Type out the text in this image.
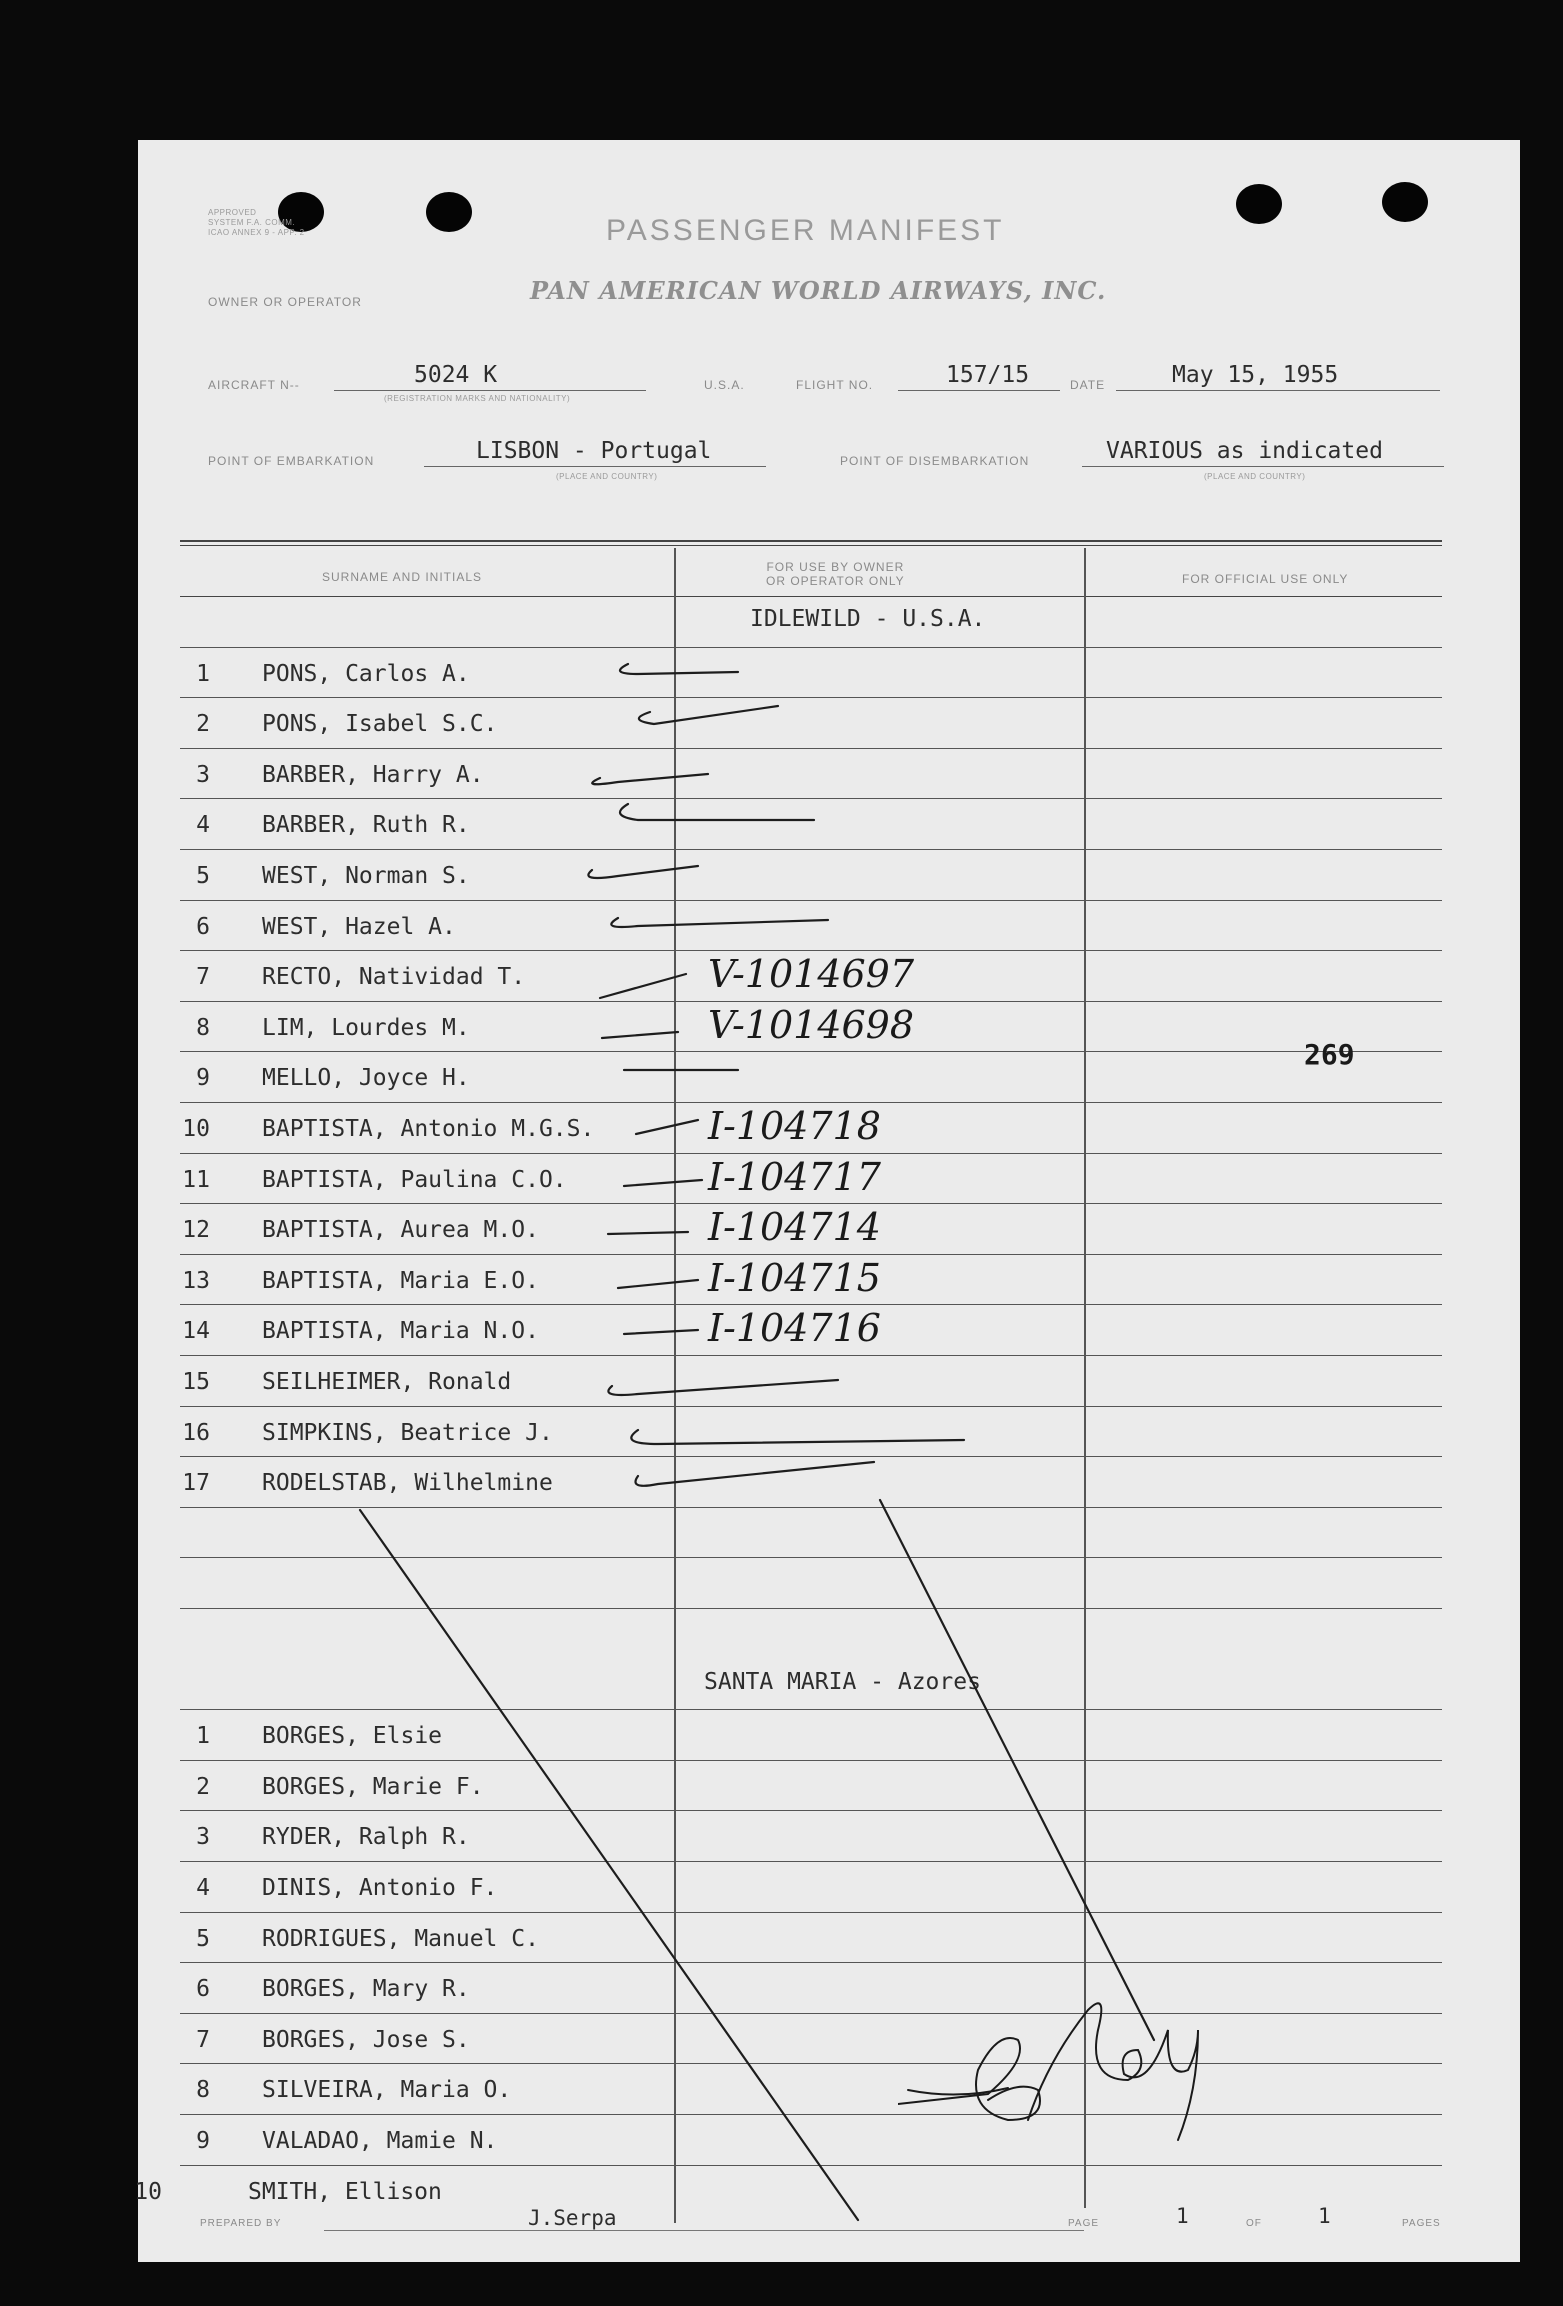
APPROVED
SYSTEM F.A. COMM.
ICAO ANNEX 9 - APP. 2	PASSENGER MANIFEST
OWNER OR OPERATOR	PAN AMERICAN WORLD AIRWAYS, INC.
AIRCRAFT N--	5024 K
(REGISTRATION MARKS AND NATIONALITY)
U.S.A.	FLIGHT NO.	157/15	DATE	May 15, 1955
POINT OF EMBARKATION	LISBON - Portugal
(PLACE AND COUNTRY)
POINT OF DISEMBARKATION	VARIOUS as indicated
(PLACE AND COUNTRY)
SURNAME AND INITIALS
FOR USE BY OWNER
OR OPERATOR ONLY	FOR OFFICIAL USE ONLY
IDLEWILD - U.S.A.
1 PONS, Carlos A.
2 PONS, Isabel S.C.
3 BARBER, Harry A.
4 BARBER, Ruth R.
5 WEST, Norman S.
6 WEST, Hazel A.
7 RECTO, Natividad T.	V-1014697
8 LIM, Lourdes M.	V-1014698
9 MELLO, Joyce H.
10 BAPTISTA, Antonio M.G.S.	I-104718
11 BAPTISTA, Paulina C.O.	I-104717
12 BAPTISTA, Aurea M.O.	I-104714
13 BAPTISTA, Maria E.O.	I-104715
14 BAPTISTA, Maria N.O.	I-104716
15 SEILHEIMER, Ronald
16 SIMPKINS, Beatrice J.
17 RODELSTAB, Wilhelmine
SANTA MARIA - Azores
1 BORGES, Elsie
2 BORGES, Marie F.
3 RYDER, Ralph R.
4 DINIS, Antonio F.
5 RODRIGUES, Manuel C.
6 BORGES, Mary R.
7 BORGES, Jose S.
8 SILVEIRA, Maria O.
9 VALADAO, Mamie N.
10	SMITH, Ellison
269
PREPARED BY	J.Serpa	PAGE	1	OF	1	PAGES
